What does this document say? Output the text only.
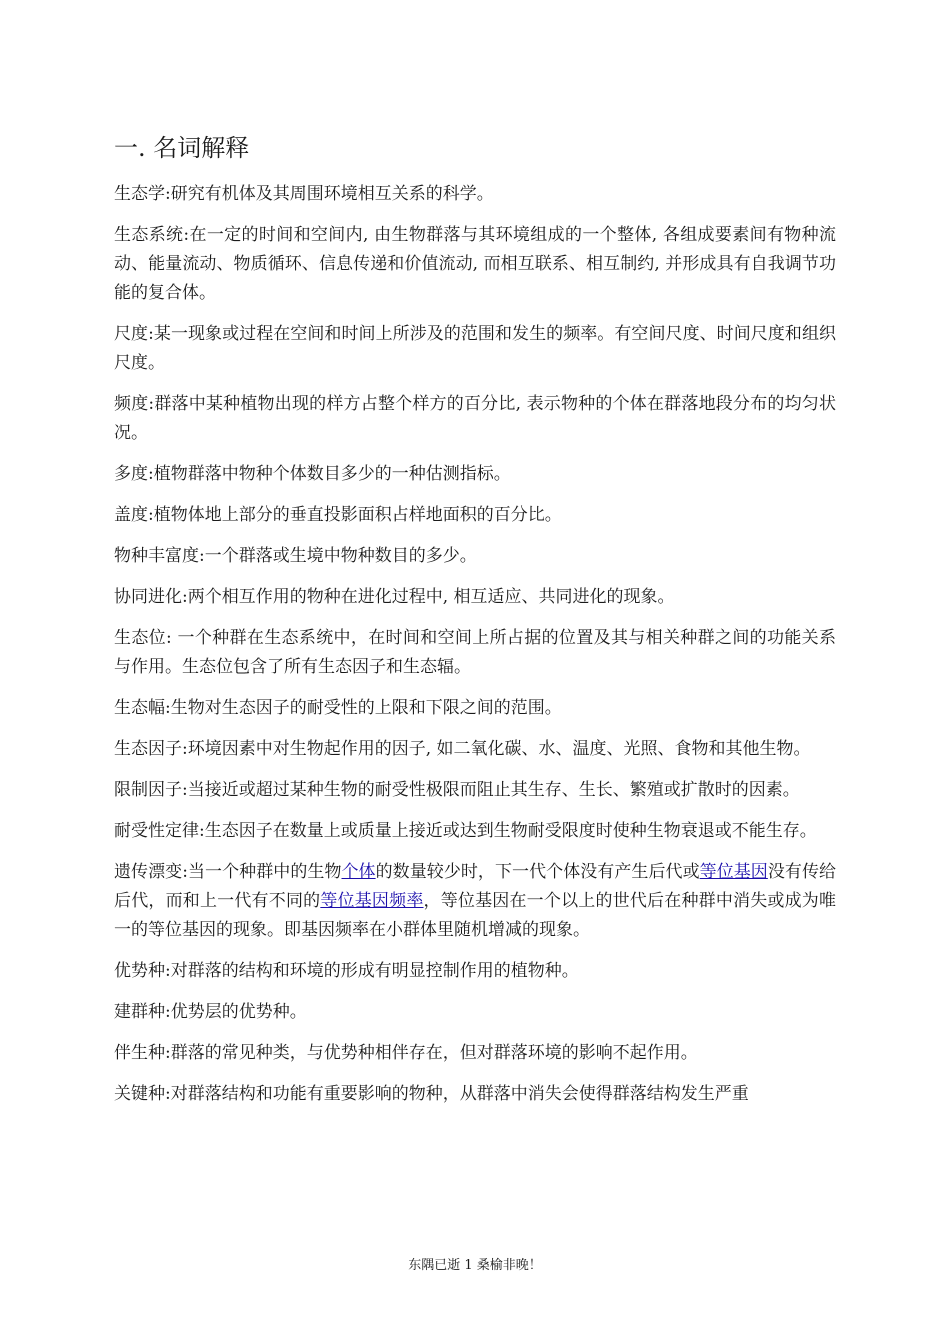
一. 名词解释

生态学:研究有机体及其周围环境相互关系的科学。

生态系统:在一定的时间和空间内, 由生物群落与其环境组成的一个整体, 各组成要素间有物种流动、能量流动、物质循环、信息传递和价值流动, 而相互联系、相互制约, 并形成具有自我调节功能的复合体。

尺度:某一现象或过程在空间和时间上所涉及的范围和发生的频率。有空间尺度、时间尺度和组织尺度。

频度:群落中某种植物出现的样方占整个样方的百分比, 表示物种的个体在群落地段分布的均匀状况。

多度:植物群落中物种个体数目多少的一种估测指标。

盖度:植物体地上部分的垂直投影面积占样地面积的百分比。

物种丰富度:一个群落或生境中物种数目的多少。

协同进化:两个相互作用的物种在进化过程中, 相互适应、共同进化的现象。

生态位: 一个种群在生态系统中，在时间和空间上所占据的位置及其与相关种群之间的功能关系与作用。生态位包含了所有生态因子和生态辐。

生态幅:生物对生态因子的耐受性的上限和下限之间的范围。

生态因子:环境因素中对生物起作用的因子, 如二氧化碳、水、温度、光照、食物和其他生物。

限制因子:当接近或超过某种生物的耐受性极限而阻止其生存、生长、繁殖或扩散时的因素。

耐受性定律:生态因子在数量上或质量上接近或达到生物耐受限度时使种生物衰退或不能生存。

遗传漂变:当一个种群中的生物个体的数量较少时，下一代个体没有产生后代或等位基因没有传给后代，而和上一代有不同的等位基因频率，等位基因在一个以上的世代后在种群中消失或成为唯一的等位基因的现象。即基因频率在小群体里随机增减的现象。

优势种:对群落的结构和环境的形成有明显控制作用的植物种。

建群种:优势层的优势种。

伴生种:群落的常见种类，与优势种相伴存在，但对群落环境的影响不起作用。

关键种:对群落结构和功能有重要影响的物种，从群落中消失会使得群落结构发生严重

东隅已逝 1 桑榆非晚！
